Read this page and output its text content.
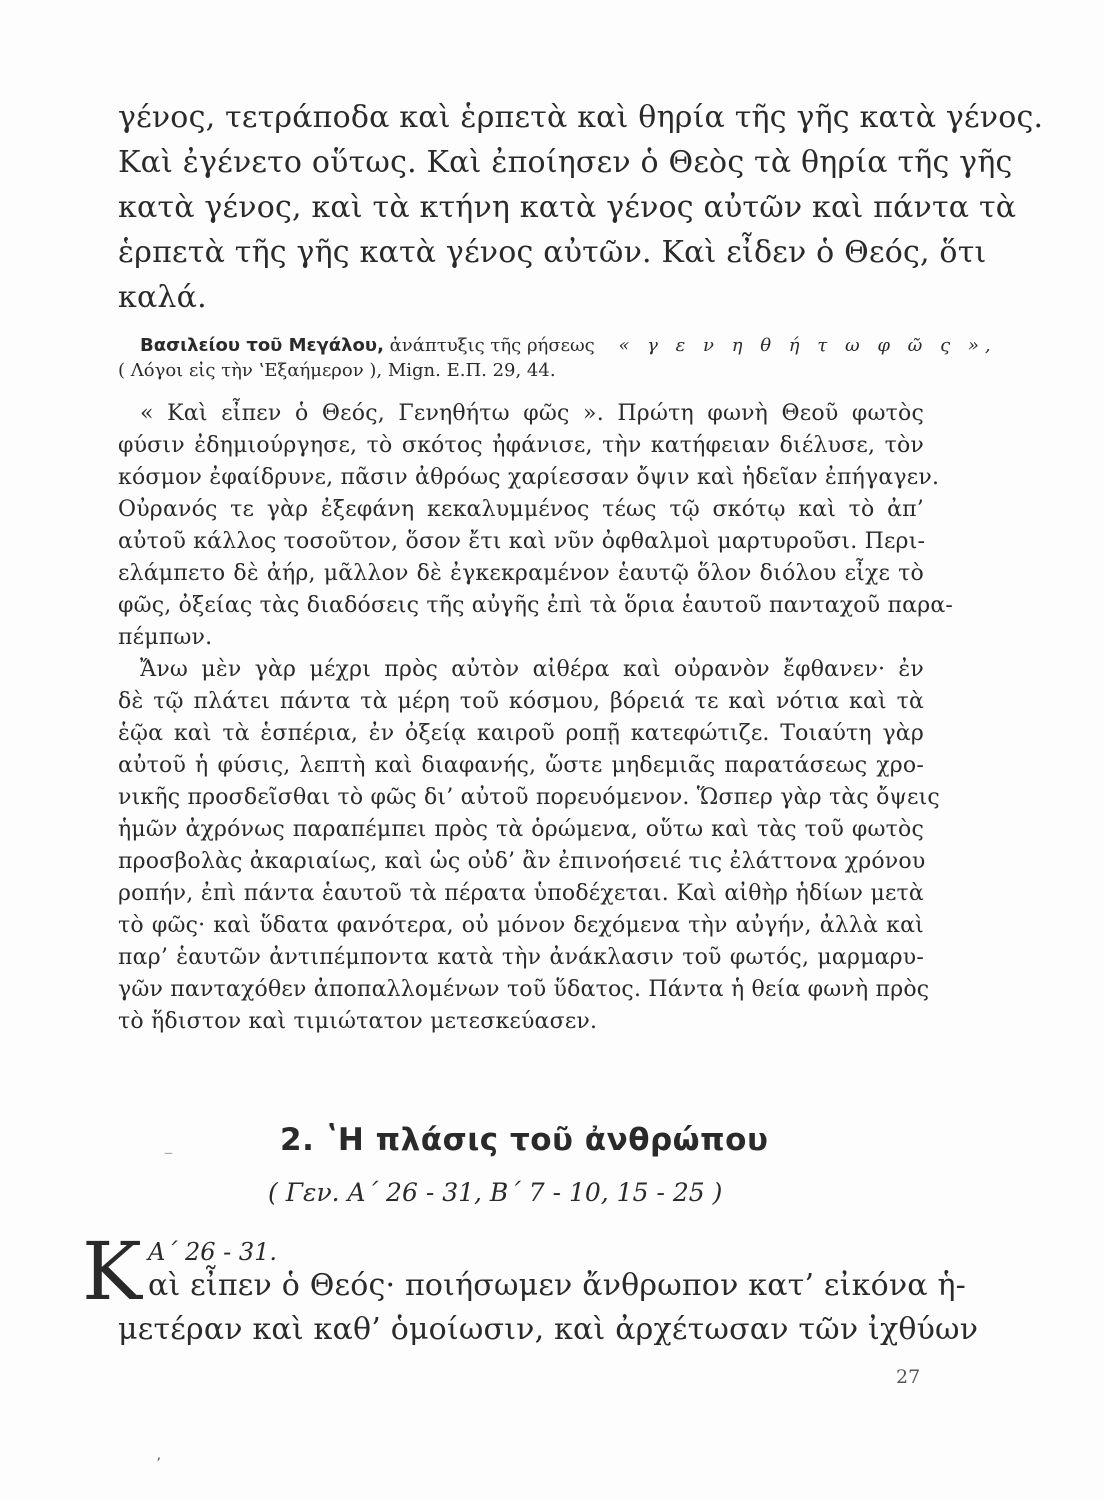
γένος, τετράποδα καὶ ἑρπετὰ καὶ θηρία τῆς γῆς κατὰ γένος.
Καὶ ἐγένετο οὕτως. Καὶ ἐποίησεν ὁ Θεὸς τὰ θηρία τῆς γῆς
κατὰ γένος, καὶ τὰ κτήνη κατὰ γένος αὐτῶν καὶ πάντα τὰ
ἑρπετὰ τῆς γῆς κατὰ γένος αὐτῶν. Καὶ εἶδεν ὁ Θεός, ὅτι
καλά.
Βασιλείου τοῦ Μεγάλου, ἀνάπτυξις τῆς ρήσεως « γ ε ν η θ ή τ ω φ ῶ ς »,
( Λόγοι εἰς τὴν ʽΕξαήμερον ), Mign. Ε.Π. 29, 44.
« Καὶ εἶπεν ὁ Θεός, Γενηθήτω φῶς ». Πρώτη φωνὴ Θεοῦ φωτὸς
φύσιν ἐδημιούργησε, τὸ σκότος ἠφάνισε, τὴν κατήφειαν διέλυσε, τὸν
κόσμον ἐφαίδρυνε, πᾶσιν ἀθρόως χαρίεσσαν ὄψιν καὶ ἡδεῖαν ἐπήγαγεν.
Οὐρανός τε γὰρ ἐξεφάνη κεκαλυμμένος τέως τῷ σκότῳ καὶ τὸ ἀπ’
αὐτοῦ κάλλος τοσοῦτον, ὅσον ἔτι καὶ νῦν ὀφθαλμοὶ μαρτυροῦσι. Περι-
ελάμπετο δὲ ἀήρ, μᾶλλον δὲ ἐγκεκραμένον ἑαυτῷ ὅλον διόλου εἶχε τὸ
φῶς, ὀξείας τὰς διαδόσεις τῆς αὐγῆς ἐπὶ τὰ ὅρια ἑαυτοῦ πανταχοῦ παρα-
πέμπων.
Ἄνω μὲν γὰρ μέχρι πρὸς αὐτὸν αἰθέρα καὶ οὐρανὸν ἔφθανεν· ἐν
δὲ τῷ πλάτει πάντα τὰ μέρη τοῦ κόσμου, βόρειά τε καὶ νότια καὶ τὰ
ἑῷα καὶ τὰ ἑσπέρια, ἐν ὀξείᾳ καιροῦ ροπῇ κατεφώτιζε. Τοιαύτη γὰρ
αὐτοῦ ἡ φύσις, λεπτὴ καὶ διαφανής, ὥστε μηδεμιᾶς παρατάσεως χρο-
νικῆς προσδεῖσθαι τὸ φῶς δι’ αὐτοῦ πορευόμενον. Ὥσπερ γὰρ τὰς ὄψεις
ἡμῶν ἀχρόνως παραπέμπει πρὸς τὰ ὁρώμενα, οὕτω καὶ τὰς τοῦ φωτὸς
προσβολὰς ἀκαριαίως, καὶ ὡς οὐδ’ ἂν ἐπινοήσειέ τις ἐλάττονα χρόνου
ροπήν, ἐπὶ πάντα ἑαυτοῦ τὰ πέρατα ὑποδέχεται. Καὶ αἰθὴρ ἡδίων μετὰ
τὸ φῶς· καὶ ὕδατα φανότερα, οὐ μόνον δεχόμενα τὴν αὐγήν, ἀλλὰ καὶ
παρ’ ἑαυτῶν ἀντιπέμποντα κατὰ τὴν ἀνάκλασιν τοῦ φωτός, μαρμαρυ-
γῶν πανταχόθεν ἀποπαλλομένων τοῦ ὕδατος. Πάντα ἡ θεία φωνὴ πρὸς
τὸ ἥδιστον καὶ τιμιώτατον μετεσκεύασεν.
–	2. ʽΗ πλάσις τοῦ ἀνθρώπου
( Γεν. Α΄ 26 - 31, Β΄ 7 - 10, 15 - 25 )
Κ Α΄ 26 - 31.
αὶ εἶπεν ὁ Θεός· ποιήσωμεν ἄνθρωπον κατ’ εἰκόνα ἡ-
μετέραν καὶ καθ’ ὁμοίωσιν, καὶ ἀρχέτωσαν τῶν ἰχθύων
27
ʼ
